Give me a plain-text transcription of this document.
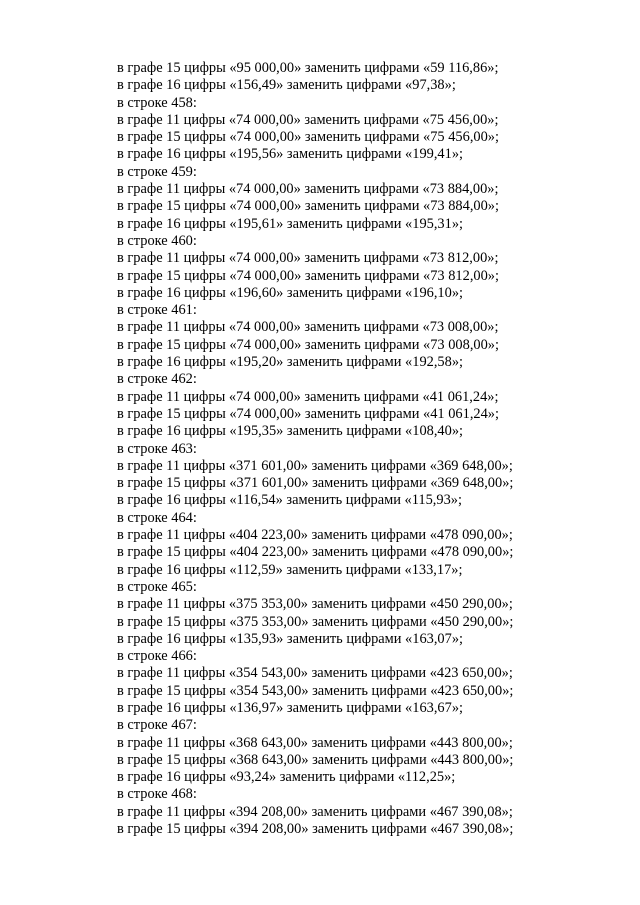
в графе 15 цифры «95 000,00» заменить цифрами «59 116,86»;
в графе 16 цифры «156,49» заменить цифрами «97,38»;
в строке 458:
в графе 11 цифры «74 000,00» заменить цифрами «75 456,00»;
в графе 15 цифры «74 000,00» заменить цифрами «75 456,00»;
в графе 16 цифры «195,56» заменить цифрами «199,41»;
в строке 459:
в графе 11 цифры «74 000,00» заменить цифрами «73 884,00»;
в графе 15 цифры «74 000,00» заменить цифрами «73 884,00»;
в графе 16 цифры «195,61» заменить цифрами «195,31»;
в строке 460:
в графе 11 цифры «74 000,00» заменить цифрами «73 812,00»;
в графе 15 цифры «74 000,00» заменить цифрами «73 812,00»;
в графе 16 цифры «196,60» заменить цифрами «196,10»;
в строке 461:
в графе 11 цифры «74 000,00» заменить цифрами «73 008,00»;
в графе 15 цифры «74 000,00» заменить цифрами «73 008,00»;
в графе 16 цифры «195,20» заменить цифрами «192,58»;
в строке 462:
в графе 11 цифры «74 000,00» заменить цифрами «41 061,24»;
в графе 15 цифры «74 000,00» заменить цифрами «41 061,24»;
в графе 16 цифры «195,35» заменить цифрами «108,40»;
в строке 463:
в графе 11 цифры «371 601,00» заменить цифрами «369 648,00»;
в графе 15 цифры «371 601,00» заменить цифрами «369 648,00»;
в графе 16 цифры «116,54» заменить цифрами «115,93»;
в строке 464:
в графе 11 цифры «404 223,00» заменить цифрами «478 090,00»;
в графе 15 цифры «404 223,00» заменить цифрами «478 090,00»;
в графе 16 цифры «112,59» заменить цифрами «133,17»;
в строке 465:
в графе 11 цифры «375 353,00» заменить цифрами «450 290,00»;
в графе 15 цифры «375 353,00» заменить цифрами «450 290,00»;
в графе 16 цифры «135,93» заменить цифрами «163,07»;
в строке 466:
в графе 11 цифры «354 543,00» заменить цифрами «423 650,00»;
в графе 15 цифры «354 543,00» заменить цифрами «423 650,00»;
в графе 16 цифры «136,97» заменить цифрами «163,67»;
в строке 467:
в графе 11 цифры «368 643,00» заменить цифрами «443 800,00»;
в графе 15 цифры «368 643,00» заменить цифрами «443 800,00»;
в графе 16 цифры «93,24» заменить цифрами «112,25»;
в строке 468:
в графе 11 цифры «394 208,00» заменить цифрами «467 390,08»;
в графе 15 цифры «394 208,00» заменить цифрами «467 390,08»;
